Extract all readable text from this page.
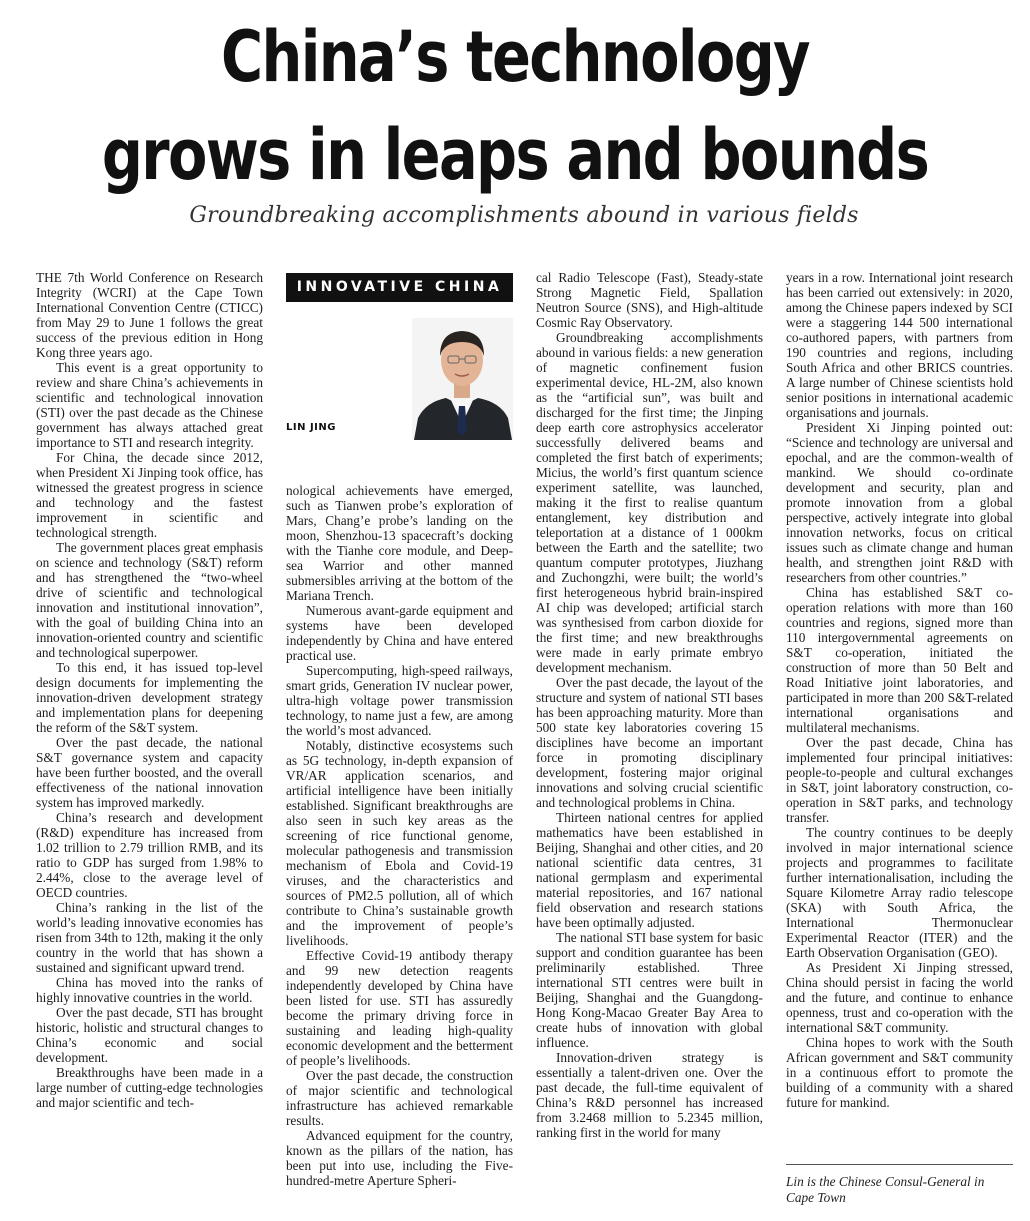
China’s technology
grows in leaps and bounds
Groundbreaking accomplishments abound in various fields

THE 7th World Conference on Research Integrity (WCRI) at the Cape Town International Convention Centre (CTICC) from May 29 to June 1 follows the great success of the previous edition in Hong Kong three years ago.

This event is a great opportunity to review and share China’s achievements in scientific and technological innovation (STI) over the past decade as the Chinese government has always attached great importance to STI and research integrity.

For China, the decade since 2012, when President Xi Jinping took office, has witnessed the greatest progress in science and technology and the fastest improvement in scientific and technological strength.

The government places great emphasis on science and technology (S&T) reform and has strengthened the “two-wheel drive of scientific and technological innovation and institutional innovation”, with the goal of building China into an innovation-oriented country and scientific and technological superpower.

To this end, it has issued top-level design documents for implementing the innovation-driven development strategy and implementation plans for deepening the reform of the S&T system.

Over the past decade, the national S&T governance system and capacity have been further boosted, and the overall effectiveness of the national innovation system has improved markedly.

China’s research and development (R&D) expenditure has increased from 1.02 trillion to 2.79 trillion RMB, and its ratio to GDP has surged from 1.98% to 2.44%, close to the average level of OECD countries.

China’s ranking in the list of the world’s leading innovative economies has risen from 34th to 12th, making it the only country in the world that has shown a sustained and significant upward trend.

China has moved into the ranks of highly innovative countries in the world.

Over the past decade, STI has brought historic, holistic and structural changes to China’s economic and social development.

Breakthroughs have been made in a large number of cutting-edge technologies and major scientific and tech-

INNOVATIVE CHINA
LIN JING

nological achievements have emerged, such as Tianwen probe’s exploration of Mars, Chang’e probe’s landing on the moon, Shenzhou-13 spacecraft’s docking with the Tianhe core module, and Deep-sea Warrior and other manned submersibles arriving at the bottom of the Mariana Trench.

Numerous avant-garde equipment and systems have been developed independently by China and have entered practical use.

Supercomputing, high-speed railways, smart grids, Generation IV nuclear power, ultra-high voltage power transmission technology, to name just a few, are among the world’s most advanced.

Notably, distinctive ecosystems such as 5G technology, in-depth expansion of VR/AR application scenarios, and artificial intelligence have been initially established. Significant breakthroughs are also seen in such key areas as the screening of rice functional genome, molecular pathogenesis and transmission mechanism of Ebola and Covid-19 viruses, and the characteristics and sources of PM2.5 pollution, all of which contribute to China’s sustainable growth and the improvement of people’s livelihoods.

Effective Covid-19 antibody therapy and 99 new detection reagents independently developed by China have been listed for use. STI has assuredly become the primary driving force in sustaining and leading high-quality economic development and the betterment of people’s livelihoods.

Over the past decade, the construction of major scientific and technological infrastructure has achieved remarkable results.

Advanced equipment for the country, known as the pillars of the nation, has been put into use, including the Five-hundred-metre Aperture Spheri-

cal Radio Telescope (Fast), Steady-state Strong Magnetic Field, Spallation Neutron Source (SNS), and High-altitude Cosmic Ray Observatory.

Groundbreaking accomplishments abound in various fields: a new generation of magnetic confinement fusion experimental device, HL-2M, also known as the “artificial sun”, was built and discharged for the first time; the Jinping deep earth core astrophysics accelerator successfully delivered beams and completed the first batch of experiments; Micius, the world’s first quantum science experiment satellite, was launched, making it the first to realise quantum entanglement, key distribution and teleportation at a distance of 1 000km between the Earth and the satellite; two quantum computer prototypes, Jiuzhang and Zuchongzhi, were built; the world’s first heterogeneous hybrid brain-inspired AI chip was developed; artificial starch was synthesised from carbon dioxide for the first time; and new breakthroughs were made in early primate embryo development mechanism.

Over the past decade, the layout of the structure and system of national STI bases has been approaching maturity. More than 500 state key laboratories covering 15 disciplines have become an important force in promoting disciplinary development, fostering major original innovations and solving crucial scientific and technological problems in China.

Thirteen national centres for applied mathematics have been established in Beijing, Shanghai and other cities, and 20 national scientific data centres, 31 national germplasm and experimental material repositories, and 167 national field observation and research stations have been optimally adjusted.

The national STI base system for basic support and condition guarantee has been preliminarily established. Three international STI centres were built in Beijing, Shanghai and the Guangdong-Hong Kong-Macao Greater Bay Area to create hubs of innovation with global influence.

Innovation-driven strategy is essentially a talent-driven one. Over the past decade, the full-time equivalent of China’s R&D personnel has increased from 3.2468 million to 5.2345 million, ranking first in the world for many

years in a row. International joint research has been carried out extensively: in 2020, among the Chinese papers indexed by SCI were a staggering 144 500 international co-authored papers, with partners from 190 countries and regions, including South Africa and other BRICS countries. A large number of Chinese scientists hold senior positions in international academic organisations and journals.

President Xi Jinping pointed out: “Science and technology are universal and epochal, and are the common-wealth of mankind. We should co-ordinate development and security, plan and promote innovation from a global perspective, actively integrate into global innovation networks, focus on critical issues such as climate change and human health, and strengthen joint R&D with researchers from other countries.”

China has established S&T co-operation relations with more than 160 countries and regions, signed more than 110 intergovernmental agreements on S&T co-operation, initiated the construction of more than 50 Belt and Road Initiative joint laboratories, and participated in more than 200 S&T-related international organisations and multilateral mechanisms.

Over the past decade, China has implemented four principal initiatives: people-to-people and cultural exchanges in S&T, joint laboratory construction, co-operation in S&T parks, and technology transfer.

The country continues to be deeply involved in major international science projects and programmes to facilitate further internationalisation, including the Square Kilometre Array radio telescope (SKA) with South Africa, the International Thermonuclear Experimental Reactor (ITER) and the Earth Observation Organisation (GEO).

As President Xi Jinping stressed, China should persist in facing the world and the future, and continue to enhance openness, trust and co-operation with the international S&T community.

China hopes to work with the South African government and S&T community in a continuous effort to promote the building of a community with a shared future for mankind.

Lin is the Chinese Consul-General in Cape Town
